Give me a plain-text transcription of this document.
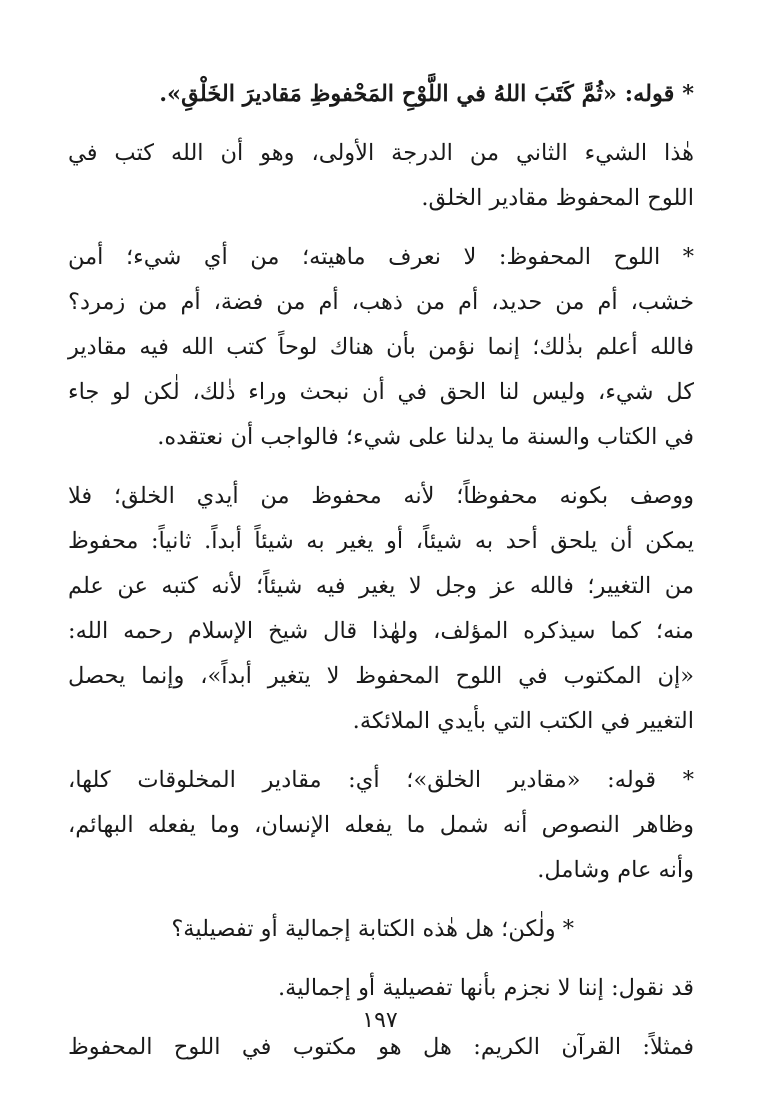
* قوله: «ثُمَّ كَتَبَ اللهُ في اللَّوْحِ المَحْفوظِ مَقاديرَ الخَلْقِ».
هٰذا الشيء الثاني من الدرجة الأولى، وهو أن الله كتب في
اللوح المحفوظ مقادير الخلق.
* اللوح المحفوظ: لا نعرف ماهيته؛ من أي شيء؛ أمن
خشب، أم من حديد، أم من ذهب، أم من فضة، أم من زمرد؟
فالله أعلم بذٰلك؛ إنما نؤمن بأن هناك لوحاً كتب الله فيه مقادير
كل شيء، وليس لنا الحق في أن نبحث وراء ذٰلك، لٰكن لو جاء
في الكتاب والسنة ما يدلنا على شيء؛ فالواجب أن نعتقده.
ووصف بكونه محفوظاً؛ لأنه محفوظ من أيدي الخلق؛ فلا
يمكن أن يلحق أحد به شيئاً، أو يغير به شيئاً أبداً. ثانياً: محفوظ
من التغيير؛ فالله عز وجل لا يغير فيه شيئاً؛ لأنه كتبه عن علم
منه؛ كما سيذكره المؤلف، ولهٰذا قال شيخ الإسلام رحمه الله:
«إن المكتوب في اللوح المحفوظ لا يتغير أبداً»، وإنما يحصل
التغيير في الكتب التي بأيدي الملائكة.
* قوله: «مقادير الخلق»؛ أي: مقادير المخلوقات كلها،
وظاهر النصوص أنه شمل ما يفعله الإنسان، وما يفعله البهائم،
وأنه عام وشامل.
* ولٰكن؛ هل هٰذه الكتابة إجمالية أو تفصيلية؟
قد نقول: إننا لا نجزم بأنها تفصيلية أو إجمالية.
فمثلاً: القرآن الكريم: هل هو مكتوب في اللوح المحفوظ
١٩٧
